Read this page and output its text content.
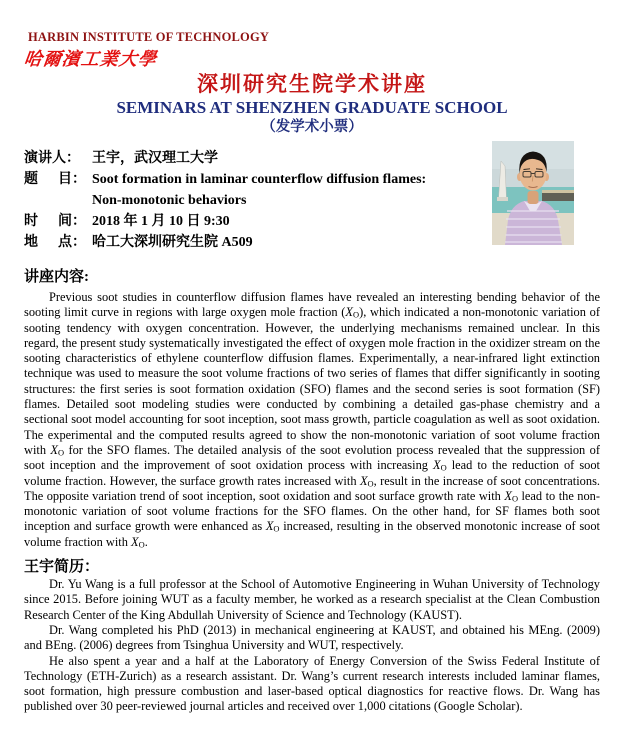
HARBIN INSTITUTE OF TECHNOLOGY
哈爾濱工業大學
深圳研究生院学术讲座
SEMINARS AT SHENZHEN GRADUATE SCHOOL
（发学术小票）
演讲人： 王宇，武汉理工大学
题 目： Soot formation in laminar counterflow diffusion flames:
Non-monotonic behaviors
时 间： 2018 年 1 月 10 日 9:30
地 点： 哈工大深圳研究生院 A509
讲座内容:

Previous soot studies in counterflow diffusion flames have revealed an interesting bending behavior of the sooting limit curve in regions with large oxygen mole fraction $(X_O)$, which indicated a non-monotonic variation of sooting tendency with oxygen concentration. However, the underlying mechanisms remained unclear. In this regard, the present study systematically investigated the effect of oxygen mole fraction in the oxidizer stream on the sooting characteristics of ethylene counterflow diffusion flames. Experimentally, a near-infrared light extinction technique was used to measure the soot volume fractions of two series of flames that differ significantly in sooting structures: the first series is soot formation oxidation (SFO) flames and the second series is soot formation (SF) flames. Detailed soot modeling studies were conducted by combining a detailed gas-phase chemistry and a sectional soot model accounting for soot inception, soot mass growth, particle coagulation as well as soot oxidation. The experimental and the computed results agreed to show the non-monotonic variation of soot volume fraction with $X_O$ for the SFO flames. The detailed analysis of the soot evolution process revealed that the suppression of soot inception and the improvement of soot oxidation process with increasing $X_O$ lead to the reduction of soot volume fraction. However, the surface growth rates increased with $X_O$, result in the increase of soot concentrations. The opposite variation trend of soot inception, soot oxidation and soot surface growth rate with $X_O$ lead to the non-monotonic variation of soot volume fractions for the SFO flames. On the other hand, for SF flames both soot inception and surface growth were enhanced as $X_O$ increased, resulting in the observed monotonic increase of soot volume fraction with $X_O$.

王宇简历：

Dr. Yu Wang is a full professor at the School of Automotive Engineering in Wuhan University of Technology since 2015. Before joining WUT as a faculty member, he worked as a research specialist at the Clean Combustion Research Center of the King Abdullah University of Science and Technology (KAUST).

Dr. Wang completed his PhD (2013) in mechanical engineering at KAUST, and obtained his MEng. (2009) and BEng. (2006) degrees from Tsinghua University and WUT, respectively.

He also spent a year and a half at the Laboratory of Energy Conversion of the Swiss Federal Institute of Technology (ETH-Zurich) as a research assistant. Dr. Wang’s current research interests included laminar flames, soot formation, high pressure combustion and laser-based optical diagnostics for reactive flows. Dr. Wang has published over 30 peer-reviewed journal articles and received over 1,000 citations (Google Scholar).
